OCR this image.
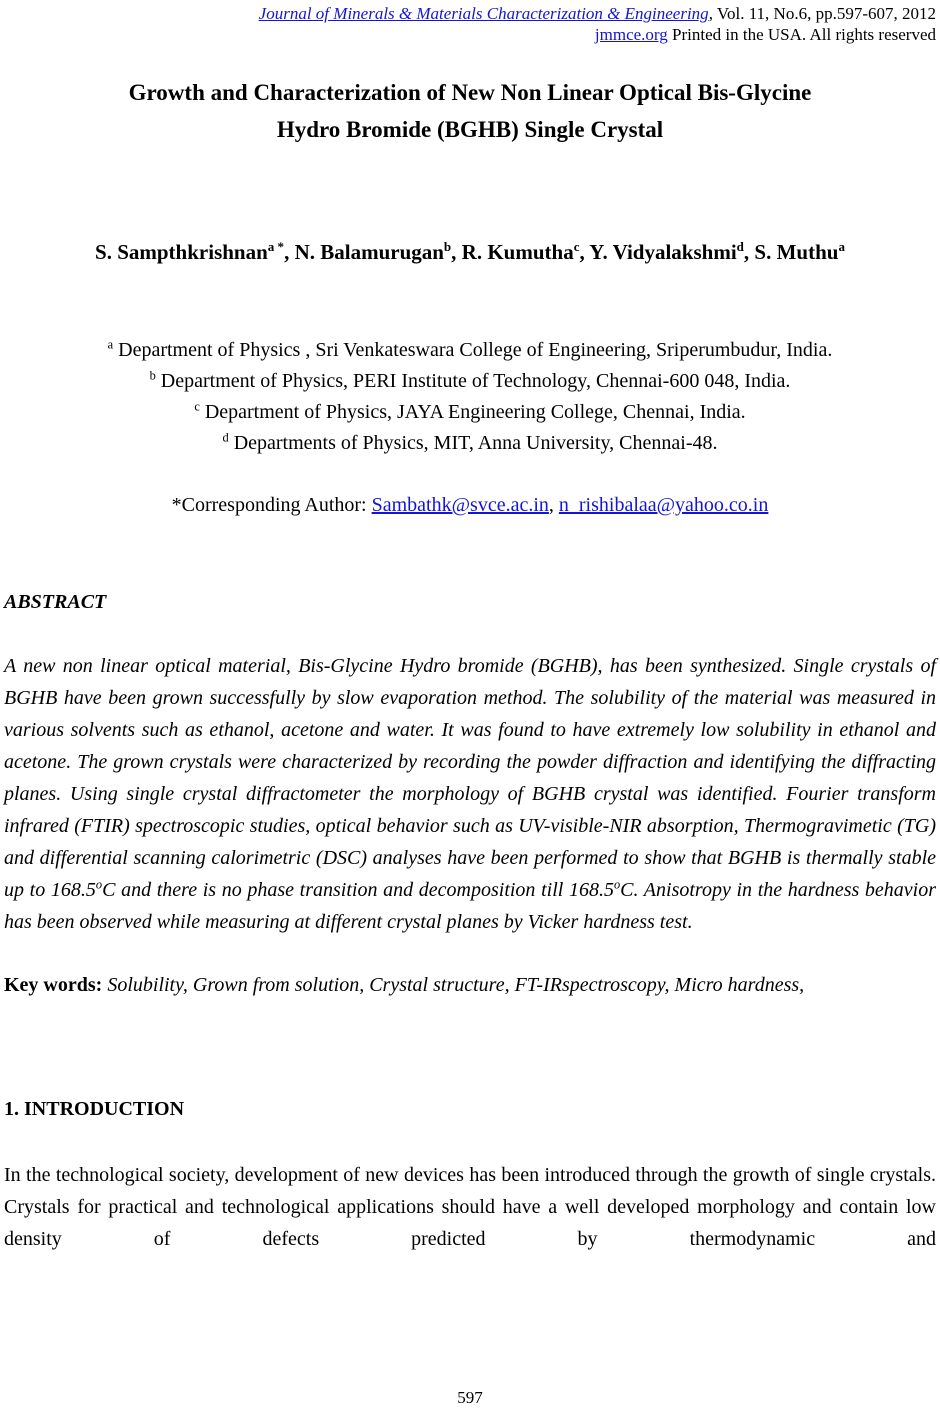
Journal of Minerals & Materials Characterization & Engineering, Vol. 11, No.6, pp.597-607, 2012
jmmce.org Printed in the USA. All rights reserved
Growth and Characterization of New Non Linear Optical Bis-Glycine
Hydro Bromide (BGHB) Single Crystal

S. Sampthkrishnan$^{a *}$, N. Balamurugan$^b$, R. Kumutha$^c$, Y. Vidyalakshmi$^d$, S. Muthu$^a$

$^a$ Department of Physics , Sri Venkateswara College of Engineering, Sriperumbudur, India.
$^b$ Department of Physics, PERI Institute of Technology, Chennai-600 048, India.
$^c$ Department of Physics, JAYA Engineering College, Chennai, India.
$^d$ Departments of Physics, MIT, Anna University, Chennai-48.

*Corresponding Author: Sambathk@svce.ac.in, n_rishibalaa@yahoo.co.in

ABSTRACT

A new non linear optical material, Bis-Glycine Hydro bromide (BGHB), has been synthesized. Single crystals of BGHB have been grown successfully by slow evaporation method. The solubility of the material was measured in various solvents such as ethanol, acetone and water. It was found to have extremely low solubility in ethanol and acetone. The grown crystals were characterized by recording the powder diffraction and identifying the diffracting planes. Using single crystal diffractometer the morphology of BGHB crystal was identified. Fourier transform infrared (FTIR) spectroscopic studies, optical behavior such as UV-visible-NIR absorption, Thermogravimetic (TG) and differential scanning calorimetric (DSC) analyses have been performed to show that BGHB is thermally stable up to 168.5$^o$C and there is no phase transition and decomposition till 168.5$^o$C. Anisotropy in the hardness behavior has been observed while measuring at different crystal planes by Vicker hardness test.

Key words: Solubility, Grown from solution, Crystal structure, FT-IRspectroscopy, Micro hardness,

1. INTRODUCTION

In the technological society, development of new devices has been introduced through the growth of single crystals. Crystals for practical and technological applications should have a well developed morphology and contain low density of defects predicted by thermodynamic and

597
